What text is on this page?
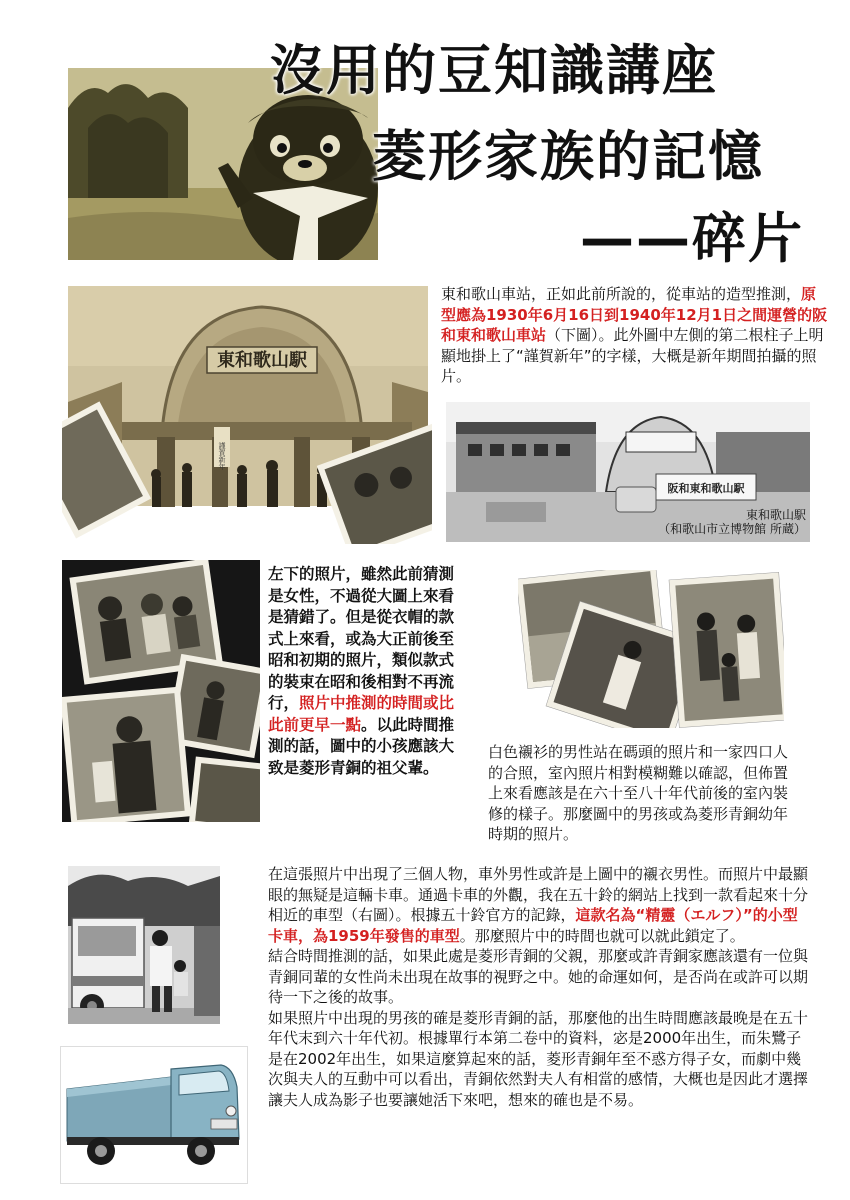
沒用的豆知識講座
菱形家族的記憶
——碎片
東和歌山駅
謹賀新年
東和歌山車站，正如此前所說的，從車站的造型推測，原型應為1930年6月16日到1940年12月1日之間運營的阪和東和歌山車站（下圖）。此外圖中左側的第二根柱子上明顯地掛上了“謹賀新年”的字樣，大概是新年期間拍攝的照片。
阪和東和歌山駅
東和歌山駅
（和歌山市立博物館 所蔵）
左下的照片，雖然此前猜測是女性，不過從大圖上來看是猜錯了。但是從衣帽的款式上來看，或為大正前後至昭和初期的照片，類似款式的裝束在昭和後相對不再流行，照片中推測的時間或比此前更早一點。以此時間推測的話，圖中的小孩應該大致是菱形青銅的祖父輩。
白色襯衫的男性站在碼頭的照片和一家四口人的合照，室內照片相對模糊難以確認，但佈置上來看應該是在六十至八十年代前後的室內裝修的樣子。那麼圖中的男孩或為菱形青銅幼年時期的照片。
在這張照片中出現了三個人物，車外男性或許是上圖中的襯衣男性。而照片中最顯眼的無疑是這輛卡車。通過卡車的外觀，我在五十鈴的網站上找到一款看起來十分相近的車型（右圖）。根據五十鈴官方的記錄，這款名為“精靈（エルフ）”的小型卡車，為1959年發售的車型。那麼照片中的時間也就可以就此鎖定了。
結合時間推測的話，如果此處是菱形青銅的父親，那麼或許青銅家應該還有一位與青銅同輩的女性尚未出現在故事的視野之中。她的命運如何，是否尚在或許可以期待一下之後的故事。
如果照片中出現的男孩的確是菱形青銅的話，那麼他的出生時間應該最晚是在五十年代末到六十年代初。根據單行本第二卷中的資料，宓是2000年出生，而朱鷺子是在2002年出生，如果這麼算起來的話，菱形青銅年至不惑方得子女，而劇中幾次與夫人的互動中可以看出，青銅依然對夫人有相當的感情，大概也是因此才選擇讓夫人成為影子也要讓她活下來吧，想來的確也是不易。
